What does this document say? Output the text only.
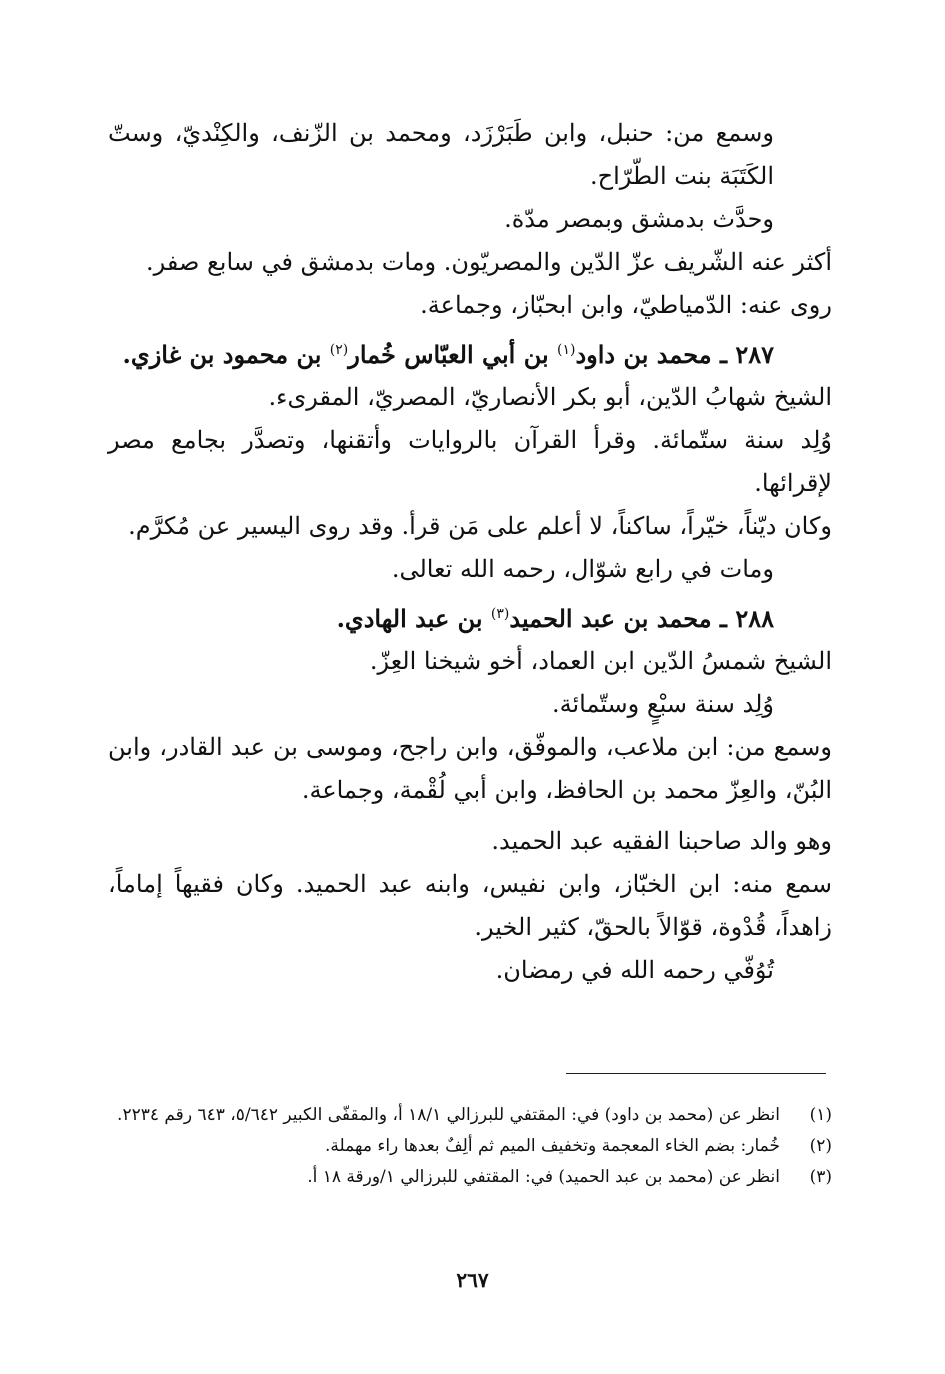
وسمع من: حنبل، وابن طَبَرْزَد، ومحمد بن الزّنف، والكِنْديّ، وستّ الكَتَبَة بنت الطّرّاح.

وحدَّث بدمشق وبمصر مدّة.

أكثر عنه الشّريف عزّ الدّين والمصريّون. ومات بدمشق في سابع صفر.

روى عنه: الدّمياطيّ، وابن ابحبّاز، وجماعة.

٢٨٧ ـ محمد بن داود$^{(١)}$ بن أبي العبّاس خُمار$^{(٢)}$ بن محمود بن غازي.

الشيخ شهابُ الدّين، أبو بكر الأنصاريّ، المصريّ، المقرىء.

وُلِد سنة ستّمائة. وقرأ القرآن بالروايات وأتقنها، وتصدَّر بجامع مصر لإقرائها.

وكان ديّناً، خيّراً، ساكناً، لا أعلم على مَن قرأ. وقد روى اليسير عن مُكرَّم.

ومات في رابع شوّال، رحمه الله تعالى.

٢٨٨ ـ محمد بن عبد الحميد$^{(٣)}$ بن عبد الهادي.

الشيخ شمسُ الدّين ابن العماد، أخو شيخنا العِزّ.

وُلِد سنة سبْعٍ وستّمائة.

وسمع من: ابن ملاعب، والموفّق، وابن راجح، وموسى بن عبد القادر، وابن البُنّ، والعِزّ محمد بن الحافظ، وابن أبي لُقْمة، وجماعة.

وهو والد صاحبنا الفقيه عبد الحميد.

سمع منه: ابن الخبّاز، وابن نفيس، وابنه عبد الحميد. وكان فقيهاً إماماً، زاهداً، قُدْوة، قوّالاً بالحقّ، كثير الخير.

تُوُفّي رحمه الله في رمضان.

(١)
انظر عن (محمد بن داود) في: المقتفي للبرزالي ١٨/١ أ، والمقفّى الكبير ٥/٦٤٢، ٦٤٣ رقم ٢٢٣٤.
(٢)
خُمار: بضم الخاء المعجمة وتخفيف الميم ثم ألِفٌ بعدها راء مهملة.
(٣)
انظر عن (محمد بن عبد الحميد) في: المقتفي للبرزالي ١/ورقة ١٨ أ.
٢٦٧
